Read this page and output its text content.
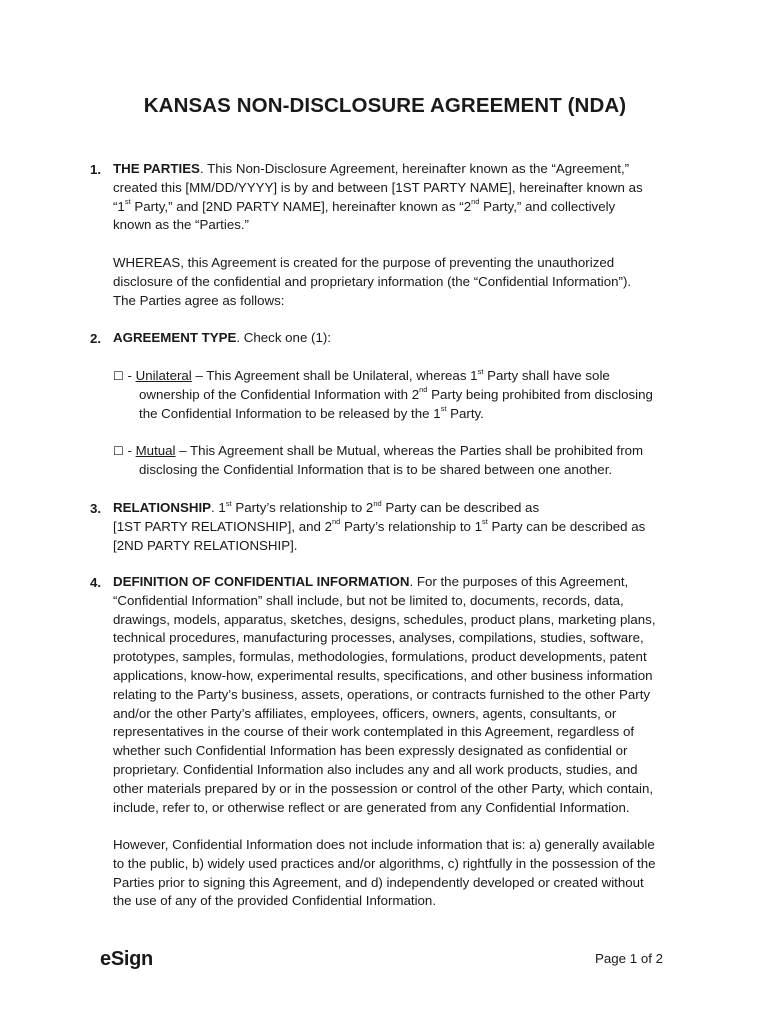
KANSAS NON-DISCLOSURE AGREEMENT (NDA)
1. THE PARTIES. This Non-Disclosure Agreement, hereinafter known as the “Agreement,”
created this [MM/DD/YYYY] is by and between [1ST PARTY NAME], hereinafter known as
“1st Party,” and [2ND PARTY NAME], hereinafter known as “2nd Party,” and collectively
known as the “Parties.”
WHEREAS, this Agreement is created for the purpose of preventing the unauthorized
disclosure of the confidential and proprietary information (the “Confidential Information”).
The Parties agree as follows:
2. AGREEMENT TYPE. Check one (1):
☐ - Unilateral – This Agreement shall be Unilateral, whereas 1st Party shall have sole
ownership of the Confidential Information with 2nd Party being prohibited from disclosing
the Confidential Information to be released by the 1st Party.
☐ - Mutual – This Agreement shall be Mutual, whereas the Parties shall be prohibited from
disclosing the Confidential Information that is to be shared between one another.
3. RELATIONSHIP. 1st Party’s relationship to 2nd Party can be described as
[1ST PARTY RELATIONSHIP], and 2nd Party’s relationship to 1st Party can be described as
[2ND PARTY RELATIONSHIP].
4. DEFINITION OF CONFIDENTIAL INFORMATION. For the purposes of this Agreement,
“Confidential Information” shall include, but not be limited to, documents, records, data,
drawings, models, apparatus, sketches, designs, schedules, product plans, marketing plans,
technical procedures, manufacturing processes, analyses, compilations, studies, software,
prototypes, samples, formulas, methodologies, formulations, product developments, patent
applications, know-how, experimental results, specifications, and other business information
relating to the Party’s business, assets, operations, or contracts furnished to the other Party
and/or the other Party’s affiliates, employees, officers, owners, agents, consultants, or
representatives in the course of their work contemplated in this Agreement, regardless of
whether such Confidential Information has been expressly designated as confidential or
proprietary. Confidential Information also includes any and all work products, studies, and
other materials prepared by or in the possession or control of the other Party, which contain,
include, refer to, or otherwise reflect or are generated from any Confidential Information.
However, Confidential Information does not include information that is: a) generally available
to the public, b) widely used practices and/or algorithms, c) rightfully in the possession of the
Parties prior to signing this Agreement, and d) independently developed or created without
the use of any of the provided Confidential Information.
eSign	Page 1 of 2
